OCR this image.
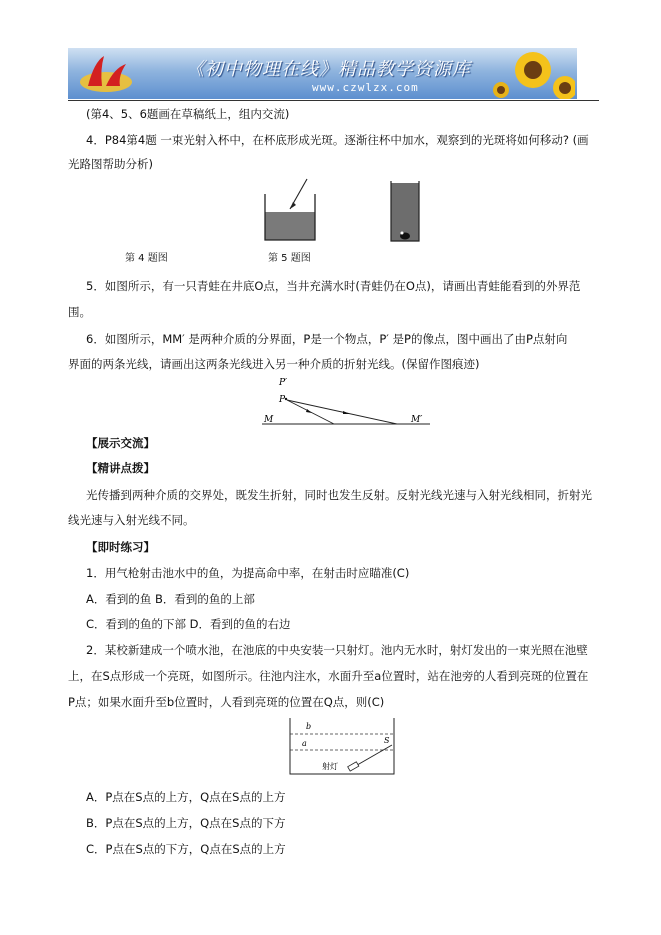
《初中物理在线》精品教学资源库
www.czwlzx.com
(第4、5、6题画在草稿纸上，组内交流)
4．P84第4题 一束光射入杯中，在杯底形成光斑。逐渐往杯中加水，观察到的光斑将如何移动? (画
光路图帮助分析)
第 4 题图	第 5 题图
5．如图所示，有一只青蛙在井底O点，当井充满水时(青蛙仍在O点)，请画出青蛙能看到的外界范
围。
6．如图所示，MM′ 是两种介质的分界面，P是一个物点，P′ 是P的像点，图中画出了由P点射向
界面的两条光线，请画出这两条光线进入另一种介质的折射光线。(保留作图痕迹)
P′
P
M	M′
【展示交流】
【精讲点拨】
光传播到两种介质的交界处，既发生折射，同时也发生反射。反射光线光速与入射光线相同，折射光
线光速与入射光线不同。
【即时练习】
1．用气枪射击池水中的鱼，为提高命中率，在射击时应瞄准(C)
A．看到的鱼 B．看到的鱼的上部
C．看到的鱼的下部 D．看到的鱼的右边
2．某校新建成一个喷水池，在池底的中央安装一只射灯。池内无水时，射灯发出的一束光照在池壁
上，在S点形成一个亮斑，如图所示。往池内注水，水面升至a位置时，站在池旁的人看到亮斑的位置在
P点；如果水面升至b位置时，人看到亮斑的位置在Q点，则(C)
b
a	S
射灯
A．P点在S点的上方，Q点在S点的上方
B．P点在S点的上方，Q点在S点的下方
C．P点在S点的下方，Q点在S点的上方
